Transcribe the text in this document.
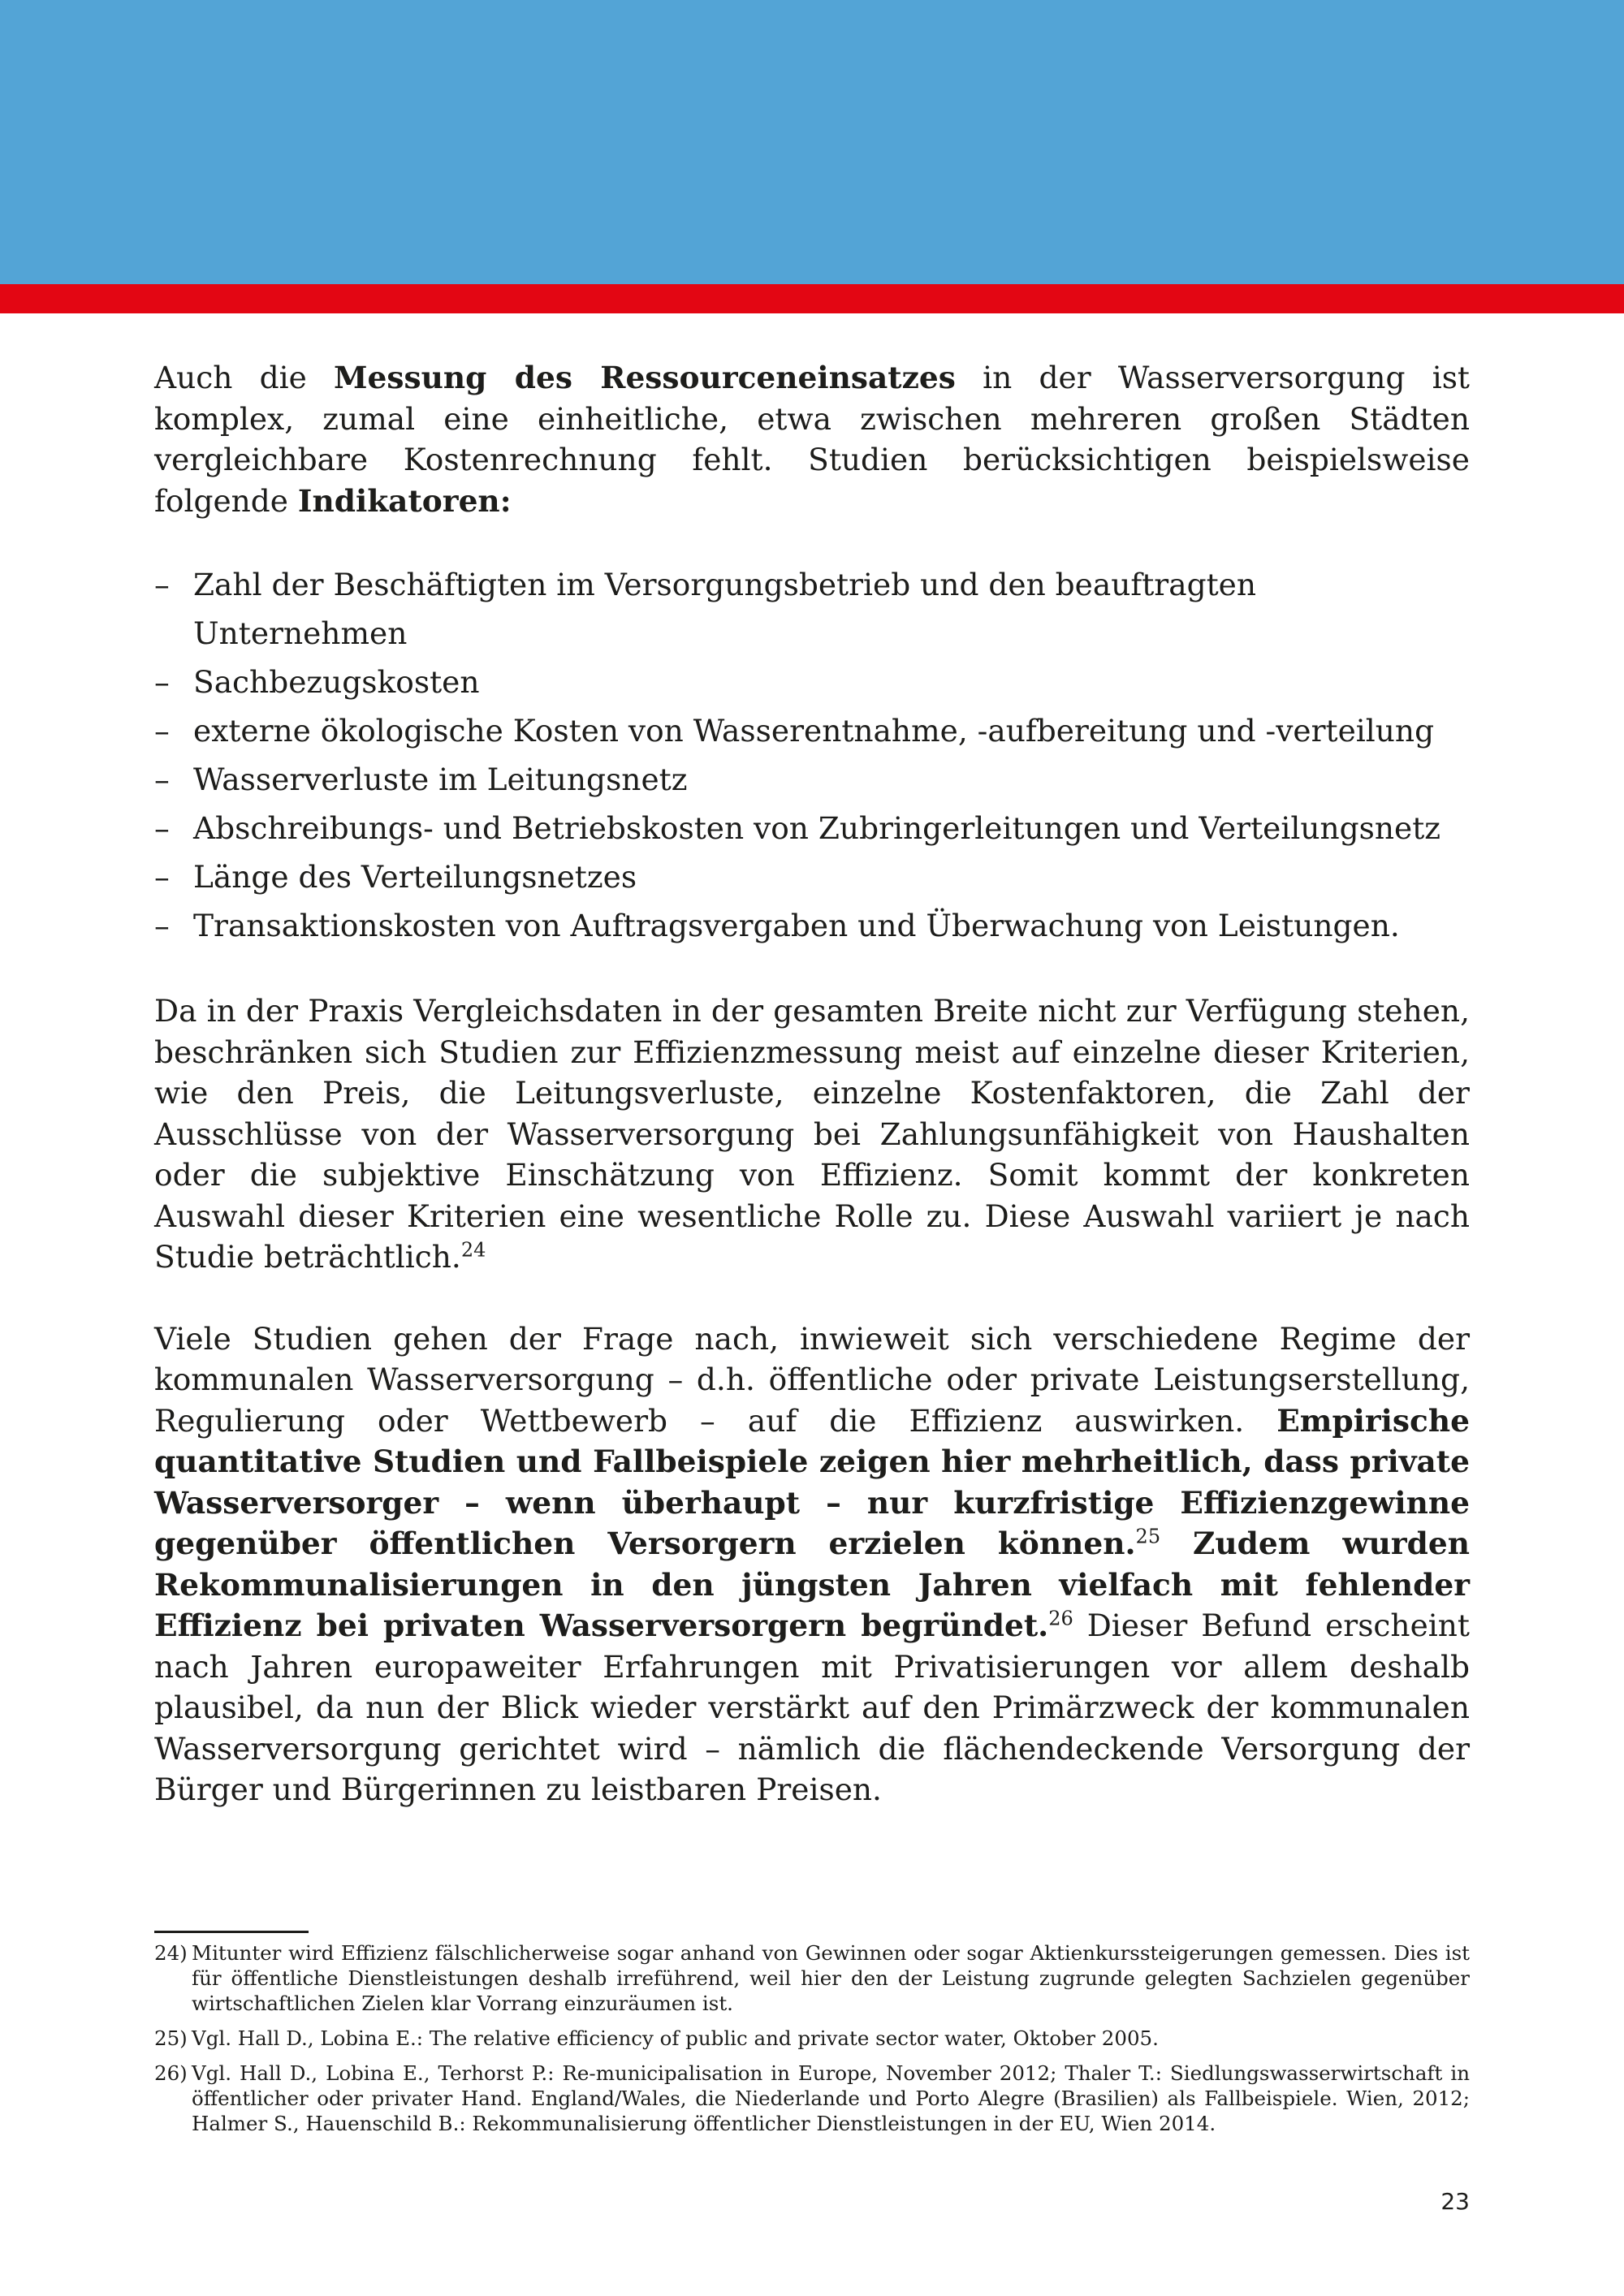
Auch die Messung des Ressourceneinsatzes in der Wasserversorgung ist komplex, zumal eine einheitliche, etwa zwischen mehreren großen Städten vergleichbare Kostenrechnung fehlt. Studien berücksichtigen beispielsweise folgende Indikatoren:

– Zahl der Beschäftigten im Versorgungsbetrieb und den beauftragten Unternehmen
– Sachbezugskosten
– externe ökologische Kosten von Wasserentnahme, -aufbereitung und -verteilung
– Wasserverluste im Leitungsnetz
– Abschreibungs- und Betriebskosten von Zubringerleitungen und Verteilungsnetz
– Länge des Verteilungsnetzes
– Transaktionskosten von Auftragsvergaben und Überwachung von Leistungen.

Da in der Praxis Vergleichsdaten in der gesamten Breite nicht zur Verfügung stehen, beschränken sich Studien zur Effizienzmessung meist auf einzelne dieser Kriterien, wie den Preis, die Leitungsverluste, einzelne Kostenfaktoren, die Zahl der Ausschlüsse von der Wasserversorgung bei Zahlungsunfähigkeit von Haushalten oder die subjektive Einschätzung von Effizienz. Somit kommt der konkreten Auswahl dieser Kriterien eine wesentliche Rolle zu. Diese Auswahl variiert je nach Studie beträchtlich.$^{24}$

Viele Studien gehen der Frage nach, inwieweit sich verschiedene Regime der kommunalen Wasserversorgung – d.h. öffentliche oder private Leistungserstellung, Regulierung oder Wettbewerb – auf die Effizienz auswirken. Empirische quantitative Studien und Fallbeispiele zeigen hier mehrheitlich, dass private Wasserversorger – wenn überhaupt – nur kurzfristige Effizienzgewinne gegenüber öffentlichen Versorgern erzielen können.$^{25}$ Zudem wurden Rekommunalisierungen in den jüngsten Jahren vielfach mit fehlender Effizienz bei privaten Wasserversorgern begründet.$^{26}$ Dieser Befund erscheint nach Jahren europaweiter Erfahrungen mit Privatisierungen vor allem deshalb plausibel, da nun der Blick wieder verstärkt auf den Primärzweck der kommunalen Wasserversorgung gerichtet wird – nämlich die flächendeckende Versorgung der Bürger und Bürgerinnen zu leistbaren Preisen.

24) Mitunter wird Effizienz fälschlicherweise sogar anhand von Gewinnen oder sogar Aktienkurssteigerungen gemessen. Dies ist für öffentliche Dienstleistungen deshalb irreführend, weil hier den der Leistung zugrunde gelegten Sachzielen gegenüber wirtschaftlichen Zielen klar Vorrang einzuräumen ist.
25) Vgl. Hall D., Lobina E.: The relative efficiency of public and private sector water, Oktober 2005.
26) Vgl. Hall D., Lobina E., Terhorst P.: Re-municipalisation in Europe, November 2012; Thaler T.: Siedlungswasserwirtschaft in öffentlicher oder privater Hand. England/Wales, die Niederlande und Porto Alegre (Brasilien) als Fallbeispiele. Wien, 2012; Halmer S., Hauenschild B.: Rekommunalisierung öffentlicher Dienstleistungen in der EU, Wien 2014.
23
